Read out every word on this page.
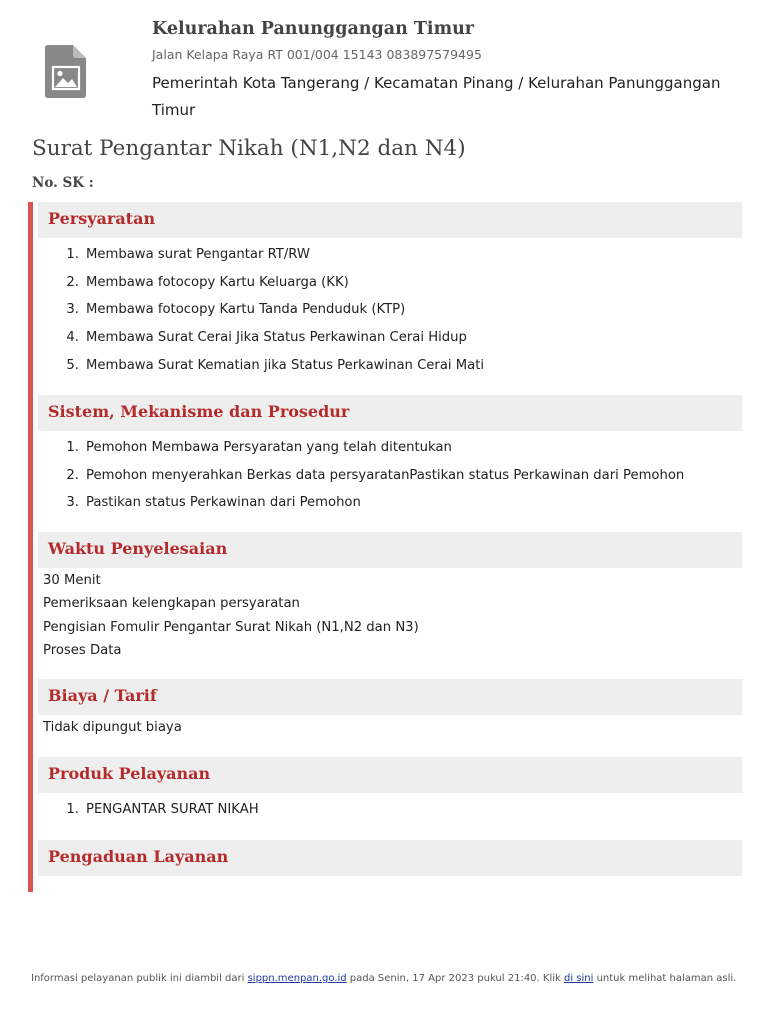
Kelurahan Panunggangan Timur
Jalan Kelapa Raya RT 001/004 15143 083897579495
Pemerintah Kota Tangerang / Kecamatan Pinang / Kelurahan Panunggangan Timur
Surat Pengantar Nikah (N1,N2 dan N4)
No. SK :
Persyaratan
1. Membawa surat Pengantar RT/RW
2. Membawa fotocopy Kartu Keluarga (KK)
3. Membawa fotocopy Kartu Tanda Penduduk (KTP)
4. Membawa Surat Cerai Jika Status Perkawinan Cerai Hidup
5. Membawa Surat Kematian jika Status Perkawinan Cerai Mati
Sistem, Mekanisme dan Prosedur
1. Pemohon Membawa Persyaratan yang telah ditentukan
2. Pemohon menyerahkan Berkas data persyaratanPastikan status Perkawinan dari Pemohon
3. Pastikan status Perkawinan dari Pemohon
Waktu Penyelesaian
30 Menit
Pemeriksaan kelengkapan persyaratan
Pengisian Fomulir Pengantar Surat Nikah (N1,N2 dan N3)
Proses Data
Biaya / Tarif
Tidak dipungut biaya
Produk Pelayanan
1. PENGANTAR SURAT NIKAH
Pengaduan Layanan
Informasi pelayanan publik ini diambil dari sippn.menpan.go.id pada Senin, 17 Apr 2023 pukul 21:40. Klik di sini untuk melihat halaman asli.
